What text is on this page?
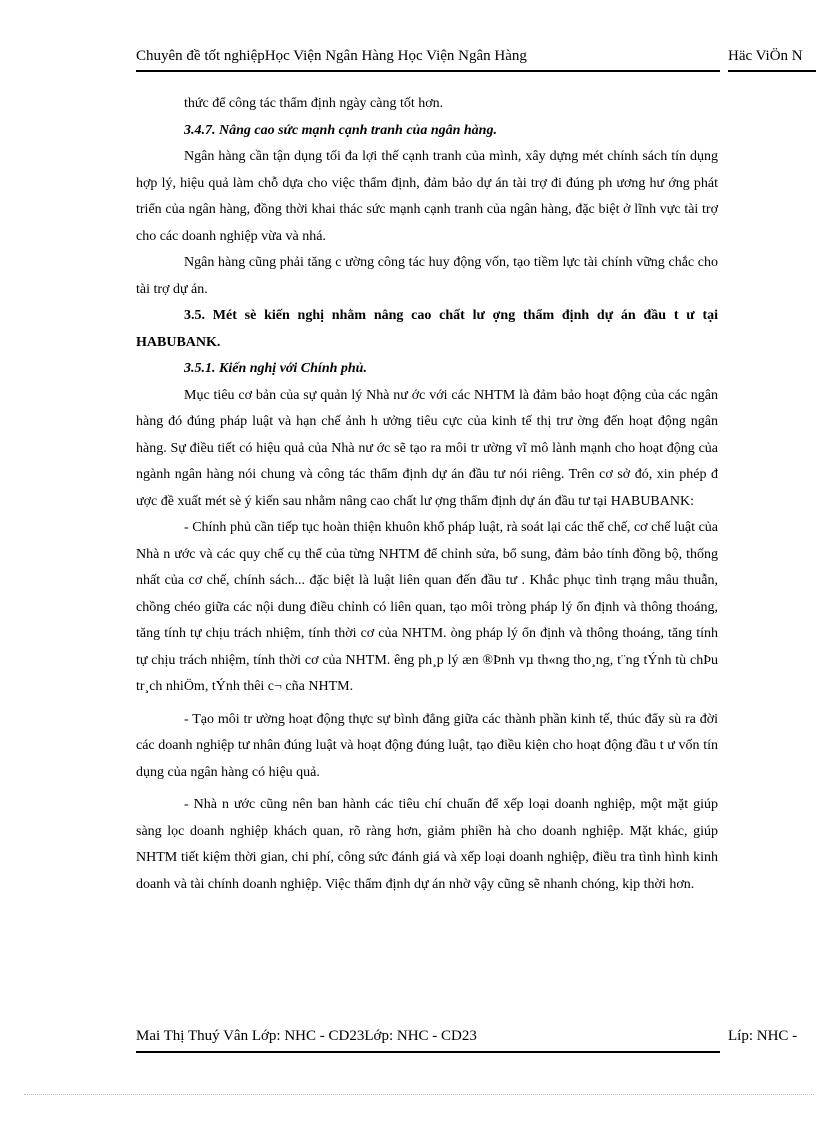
Chuyên đề tốt nghiệpHọc Viện Ngân Hàng Học Viện Ngân Hàng	Häc ViÖn N

thức để công tác thẩm định ngày càng tốt hơn.

3.4.7. Nâng cao sức mạnh cạnh tranh của ngân hàng.

Ngân hàng cần tận dụng tối đa lợi thế cạnh tranh của mình, xây dựng mét chính sách tín dụng hợp lý, hiệu quả làm chỗ dựa cho việc thẩm định, đảm bảo dự án tài trợ đi đúng ph ương hư ớng phát triển của ngân hàng, đồng thời khai thác sức mạnh cạnh tranh của ngân hàng, đặc biệt ở lĩnh vực tài trợ cho các doanh nghiệp vừa và nhá.

Ngân hàng cũng phải tăng c ường công tác huy động vốn, tạo tiềm lực tài chính vững chắc cho tài trợ dự án.

3.5. Mét sè kiến nghị nhằm nâng cao chất lư ợng thẩm định dự án đầu t ư tại HABUBANK.

3.5.1. Kiến nghị với Chính phủ.

Mục tiêu cơ bản của sự quản lý Nhà nư ớc với các NHTM là đảm bảo hoạt động của các ngân hàng đó đúng pháp luật và hạn chế ảnh h ưởng tiêu cực của kinh tế thị trư ờng đến hoạt động ngân hàng. Sự điều tiết có hiệu quả của Nhà nư ớc sẽ tạo ra môi tr ường vĩ mô lành mạnh cho hoạt động của ngành ngân hàng nói chung và công tác thẩm định dự án đầu tư nói riêng. Trên cơ sở đó, xin phép đ ược đề xuất mét sè ý kiến sau nhằm nâng cao chất lư ợng thẩm định dự án đầu tư tại HABUBANK:

- Chính phủ cần tiếp tục hoàn thiện khuôn khổ pháp luật, rà soát lại các thể chế, cơ chế luật của Nhà n ước và các quy chế cụ thể của từng NHTM để chỉnh sửa, bổ sung, đảm bảo tính đồng bộ, thống nhất của cơ chế, chính sách... đặc biệt là luật liên quan đến đầu tư . Khắc phục tình trạng mâu thuẫn, chồng chéo giữa các nội dung điều chỉnh có liên quan, tạo môi tròng pháp lý ổn định và thông thoáng, tăng tính tự chịu trách nhiệm, tính thời cơ của NHTM. òng pháp lý ổn định và thông thoáng, tăng tính tự chịu trách nhiệm, tính thời cơ của NHTM. êng ph¸p lý æn ®Þnh vµ th«ng tho¸ng, t¨ng tÝnh tù chÞu tr¸ch nhiÖm, tÝnh thêi c¬ cña NHTM.

- Tạo môi tr ường hoạt động thực sự bình đẳng giữa các thành phần kinh tế, thúc đẩy sù ra đời các doanh nghiệp tư nhân đúng luật và hoạt động đúng luật, tạo điều kiện cho hoạt động đầu t ư vốn tín dụng của ngân hàng có hiệu quả.

- Nhà n ước cũng nên ban hành các tiêu chí chuẩn để xếp loại doanh nghiệp, một mặt giúp sàng lọc doanh nghiệp khách quan, rõ ràng hơn, giảm phiền hà cho doanh nghiệp. Mặt khác, giúp NHTM tiết kiệm thời gian, chi phí, công sức đánh giá và xếp loại doanh nghiệp, điều tra tình hình kinh doanh và tài chính doanh nghiệp. Việc thẩm định dự án nhờ vậy cũng sẽ nhanh chóng, kịp thời hơn.

Mai Thị Thuý Vân Lớp: NHC - CD23Lớp: NHC - CD23	Líp: NHC -
